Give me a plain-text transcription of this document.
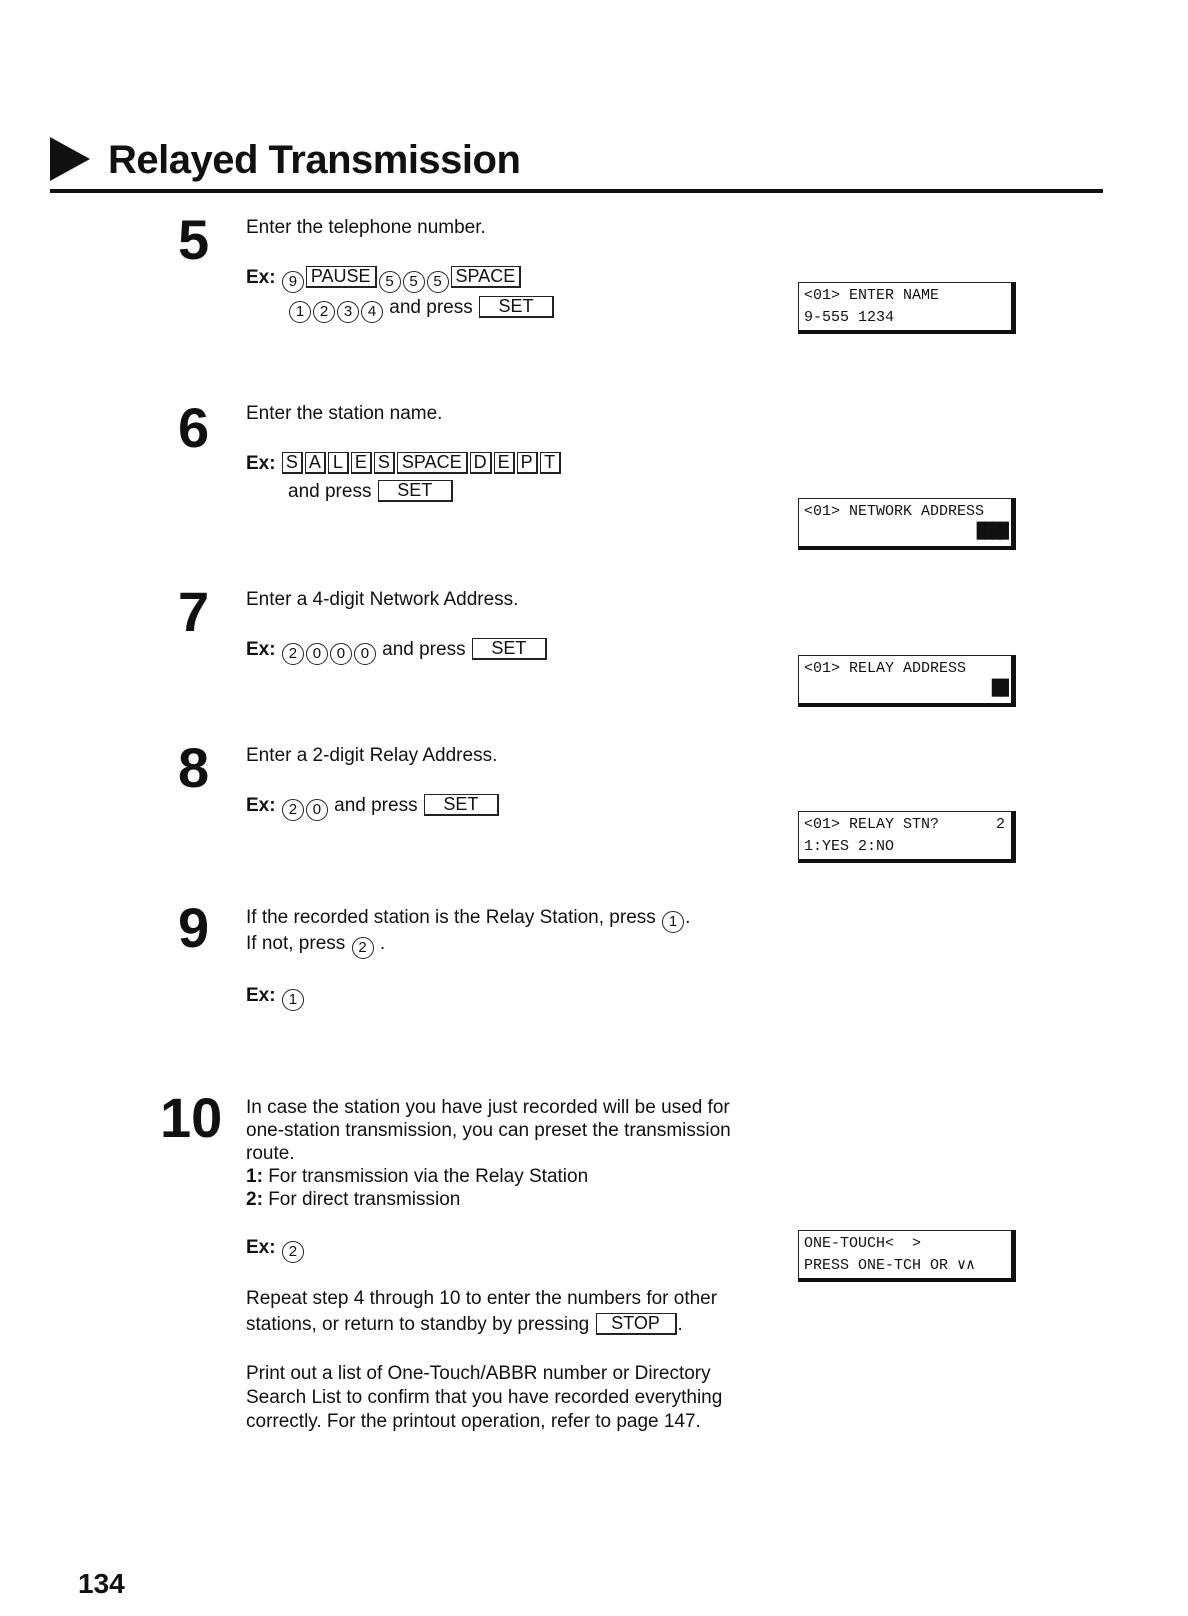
Relayed Transmission
5 Enter the telephone number.
Ex: 9 PAUSE 5 5 5 SPACE
1 2 3 4 and press SET
<01> ENTER NAME
9-555 1234
6 Enter the station name.
Ex: S A L E S SPACE D E P T
and press SET
<01> NETWORK ADDRESS
████
7 Enter a 4-digit Network Address.
Ex: 2 0 0 0 and press SET
<01> RELAY ADDRESS
██
8 Enter a 2-digit Relay Address.
Ex: 2 0 and press SET
<01> RELAY STN?	2
1:YES 2:NO
9 If the recorded station is the Relay Station, press 1 .
If not, press 2 .
Ex: 1
10 In case the station you have just recorded will be used for
one-station transmission, you can preset the transmission
route.
1: For transmission via the Relay Station
2: For direct transmission
Ex: 2	ONE-TOUCH<  >
PRESS ONE-TCH OR ∨∧
Repeat step 4 through 10 to enter the numbers for other
stations, or return to standby by pressing STOP .
Print out a list of One-Touch/ABBR number or Directory
Search List to confirm that you have recorded everything
correctly. For the printout operation, refer to page 147.
134
